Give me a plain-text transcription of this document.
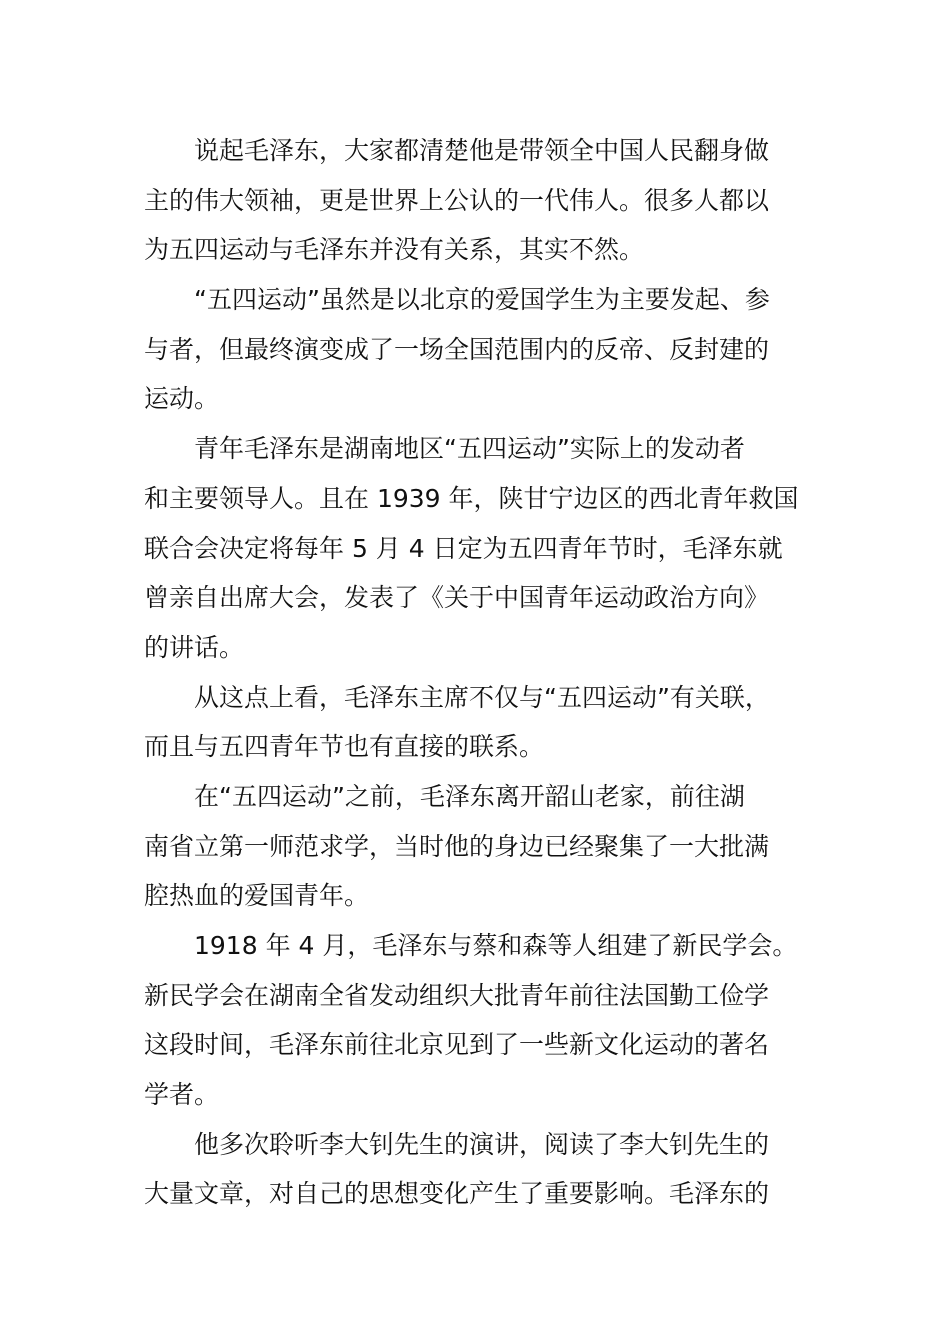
说起毛泽东，大家都清楚他是带领全中国人民翻身做
主的伟大领袖，更是世界上公认的一代伟人。很多人都以
为五四运动与毛泽东并没有关系，其实不然。
“五四运动”虽然是以北京的爱国学生为主要发起、参
与者，但最终演变成了一场全国范围内的反帝、反封建的
运动。
青年毛泽东是湖南地区“五四运动”实际上的发动者
和主要领导人。且在 1939 年，陕甘宁边区的西北青年救国
联合会决定将每年 5 月 4 日定为五四青年节时，毛泽东就
曾亲自出席大会，发表了《关于中国青年运动政治方向》
的讲话。
从这点上看，毛泽东主席不仅与“五四运动”有关联，
而且与五四青年节也有直接的联系。
在“五四运动”之前，毛泽东离开韶山老家，前往湖
南省立第一师范求学，当时他的身边已经聚集了一大批满
腔热血的爱国青年。
1918 年 4 月，毛泽东与蔡和森等人组建了新民学会。
新民学会在湖南全省发动组织大批青年前往法国勤工俭学
这段时间，毛泽东前往北京见到了一些新文化运动的著名
学者。
他多次聆听李大钊先生的演讲，阅读了李大钊先生的
大量文章，对自己的思想变化产生了重要影响。毛泽东的
